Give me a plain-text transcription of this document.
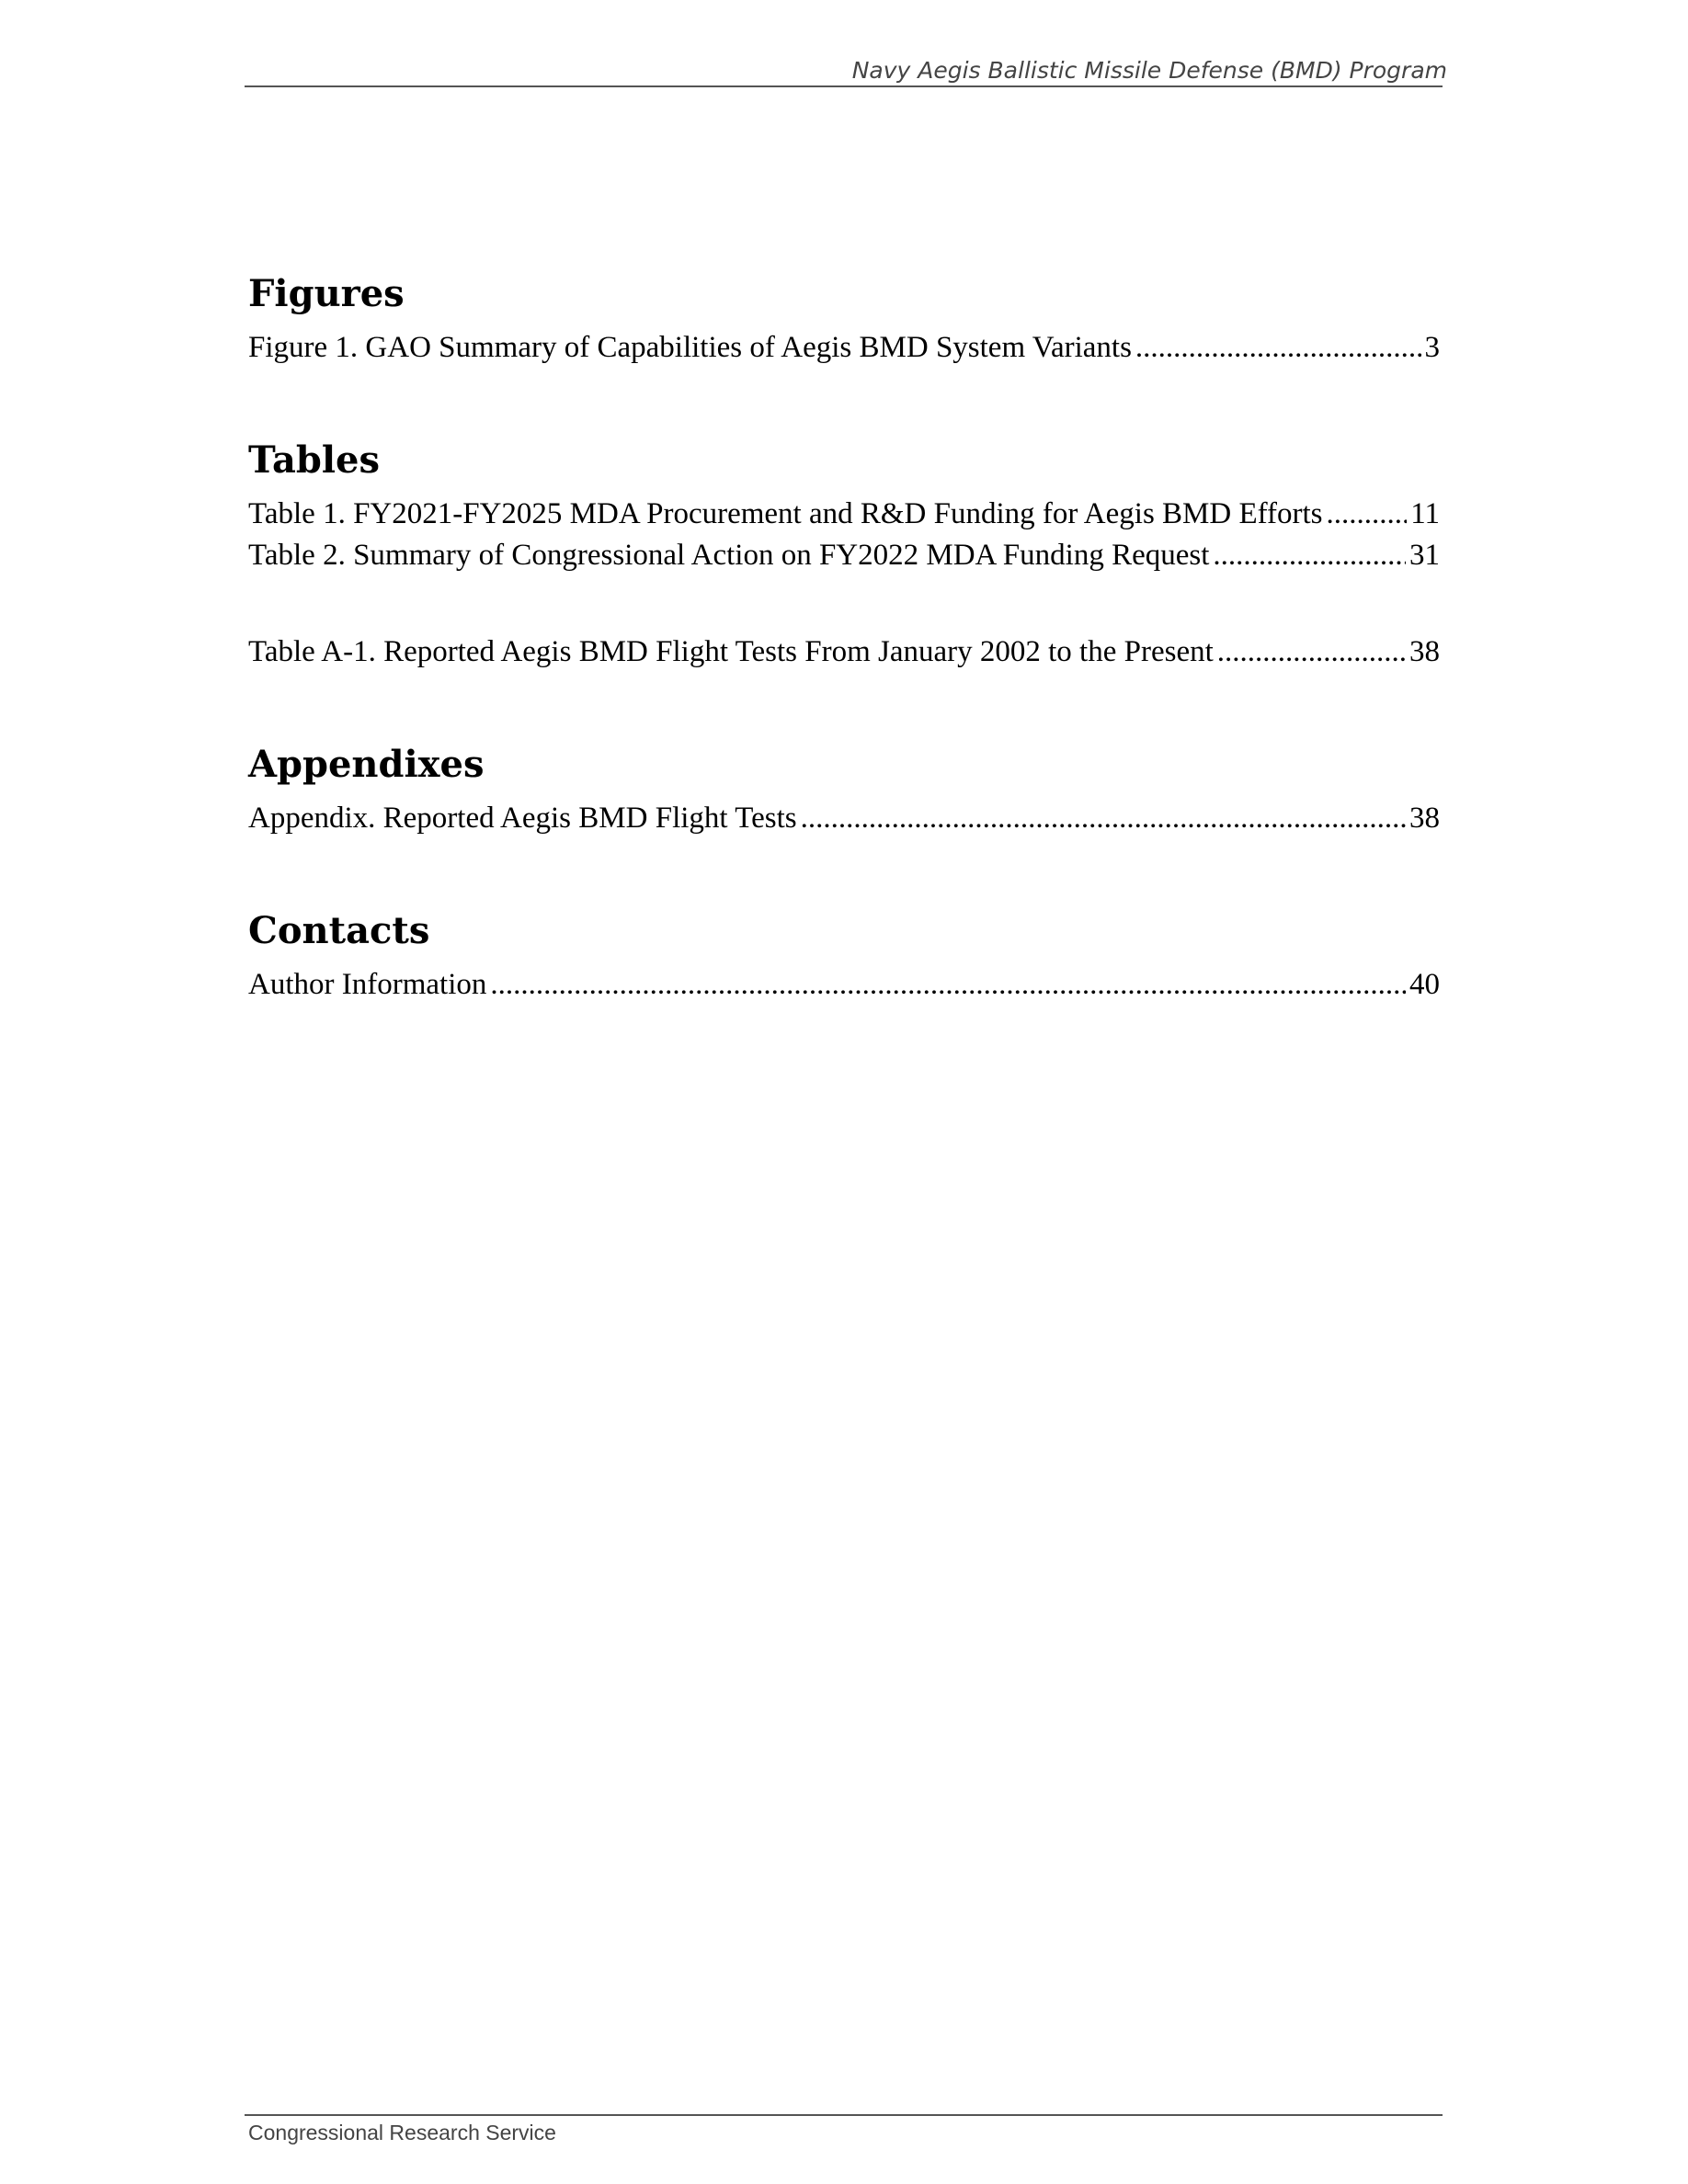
Navy Aegis Ballistic Missile Defense (BMD) Program
Figures
Figure 1. GAO Summary of Capabilities of Aegis BMD System Variants .....	3
Tables
Table 1. FY2021-FY2025 MDA Procurement and R&D Funding for Aegis BMD Efforts .....	11
Table 2. Summary of Congressional Action on FY2022 MDA Funding Request .....	31
Table A-1. Reported Aegis BMD Flight Tests From January 2002 to the Present .....	38
Appendixes
Appendix. Reported Aegis BMD Flight Tests .....	38
Contacts
Author Information .....	40
Congressional Research Service
